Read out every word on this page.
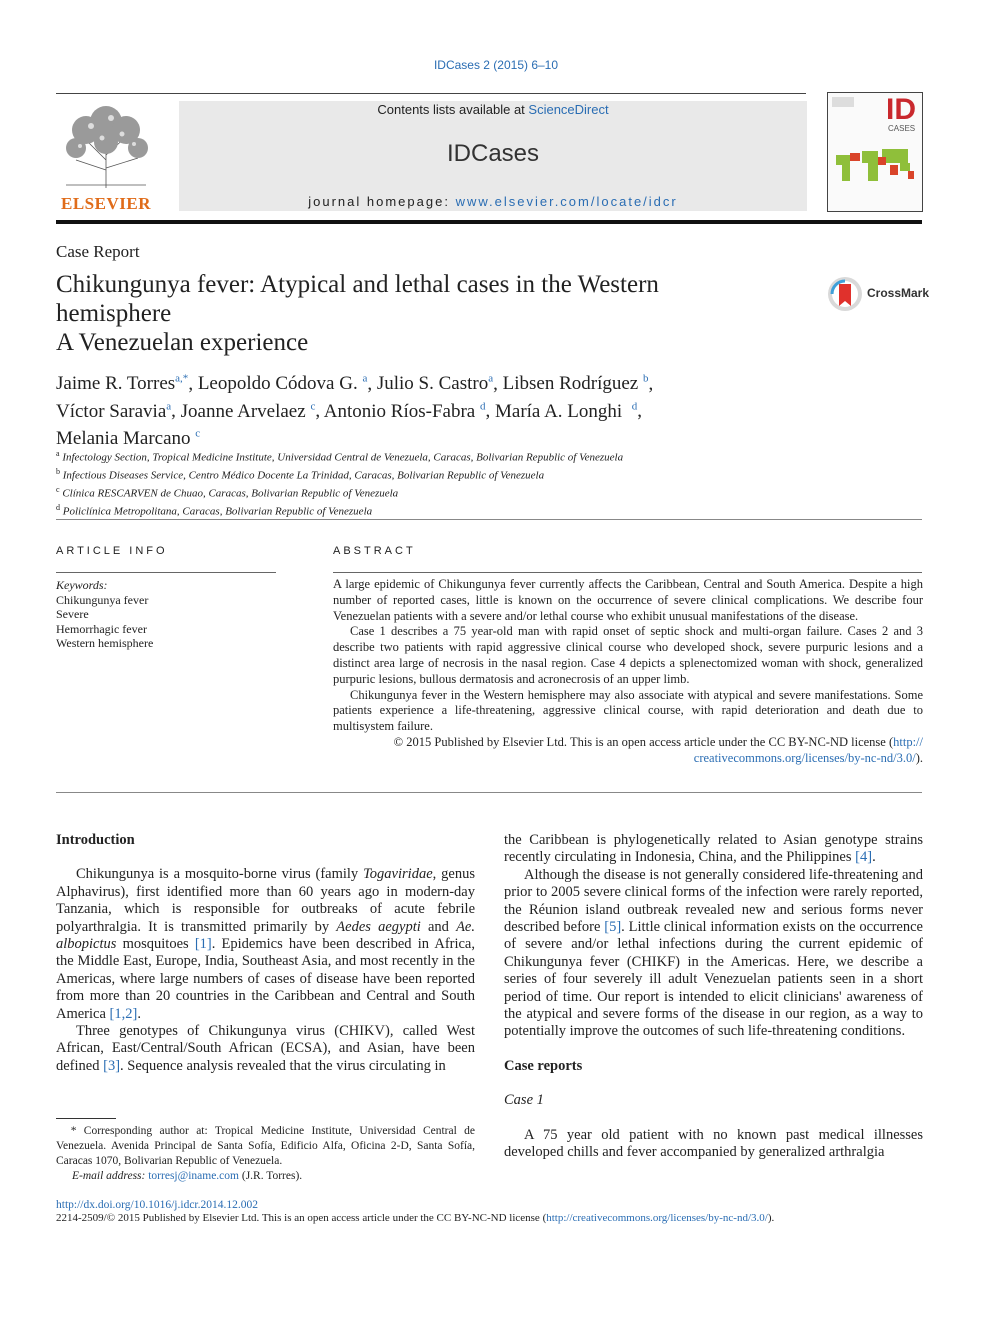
IDCases 2 (2015) 6–10
ELSEVIER
Contents lists available at ScienceDirect
IDCases
journal homepage: www.elsevier.com/locate/idcr
ID
CASES
Case Report
Chikungunya fever: Atypical and lethal cases in the Western hemisphere
A Venezuelan experience
CrossMark
Jaime R. Torres$^{a,*}$, Leopoldo Códova G. $^a$, Julio S. Castro$^a$, Libsen Rodríguez $^b$,
Víctor Saravia$^a$, Joanne Arvelaez $^c$, Antonio Ríos-Fabra $^d$, María A. Longhi $^d$,
Melania Marcano $^c$
$^a$ Infectology Section, Tropical Medicine Institute, Universidad Central de Venezuela, Caracas, Bolivarian Republic of Venezuela
$^b$ Infectious Diseases Service, Centro Médico Docente La Trinidad, Caracas, Bolivarian Republic of Venezuela
$^c$ Clínica RESCARVEN de Chuao, Caracas, Bolivarian Republic of Venezuela
$^d$ Policlínica Metropolitana, Caracas, Bolivarian Republic of Venezuela
ARTICLE INFO
Keywords:
Chikungunya fever
Severe
Hemorrhagic fever
Western hemisphere
ABSTRACT

A large epidemic of Chikungunya fever currently affects the Caribbean, Central and South America. Despite a high number of reported cases, little is known on the occurrence of severe clinical complications. We describe four Venezuelan patients with a severe and/or lethal course who exhibit unusual manifestations of the disease.

Case 1 describes a 75 year-old man with rapid onset of septic shock and multi-organ failure. Cases 2 and 3 describe two patients with rapid aggressive clinical course who developed shock, severe purpuric lesions and a distinct area large of necrosis in the nasal region. Case 4 depicts a splenectomized woman with shock, generalized purpuric lesions, bullous dermatosis and acronecrosis of an upper limb.

Chikungunya fever in the Western hemisphere may also associate with atypical and severe manifestations. Some patients experience a life-threatening, aggressive clinical course, with rapid deterioration and death due to multisystem failure.

© 2015 Published by Elsevier Ltd. This is an open access article under the CC BY-NC-ND license (http://
creativecommons.org/licenses/by-nc-nd/3.0/).

Introduction

Chikungunya is a mosquito-borne virus (family Togaviridae, genus Alphavirus), first identified more than 60 years ago in modern-day Tanzania, which is responsible for outbreaks of acute febrile polyarthralgia. It is transmitted primarily by Aedes aegypti and Ae. albopictus mosquitoes [1]. Epidemics have been described in Africa, the Middle East, Europe, India, Southeast Asia, and most recently in the Americas, where large numbers of cases of disease have been reported from more than 20 countries in the Caribbean and Central and South America [1,2].

Three genotypes of Chikungunya virus (CHIKV), called West African, East/Central/South African (ECSA), and Asian, have been defined [3]. Sequence analysis revealed that the virus circulating in

the Caribbean is phylogenetically related to Asian genotype strains recently circulating in Indonesia, China, and the Philippines [4].

Although the disease is not generally considered life-threatening and prior to 2005 severe clinical forms of the infection were rarely reported, the Réunion island outbreak revealed new and serious forms never described before [5]. Little clinical information exists on the occurrence of severe and/or lethal infections during the current epidemic of Chikungunya fever (CHIKF) in the Americas. Here, we describe a series of four severely ill adult Venezuelan patients seen in a short period of time. Our report is intended to elicit clinicians' awareness of the atypical and severe forms of the disease in our region, as a way to potentially improve the outcomes of such life-threatening conditions.

Case reports
Case 1

A 75 year old patient with no known past medical illnesses developed chills and fever accompanied by generalized arthralgia

* Corresponding author at: Tropical Medicine Institute, Universidad Central de Venezuela. Avenida Principal de Santa Sofía, Edificio Alfa, Oficina 2-D, Santa Sofía, Caracas 1070, Bolivarian Republic of Venezuela.
E-mail address: torresj@iname.com (J.R. Torres).
http://dx.doi.org/10.1016/j.idcr.2014.12.002
2214-2509/© 2015 Published by Elsevier Ltd. This is an open access article under the CC BY-NC-ND license (http://creativecommons.org/licenses/by-nc-nd/3.0/).
